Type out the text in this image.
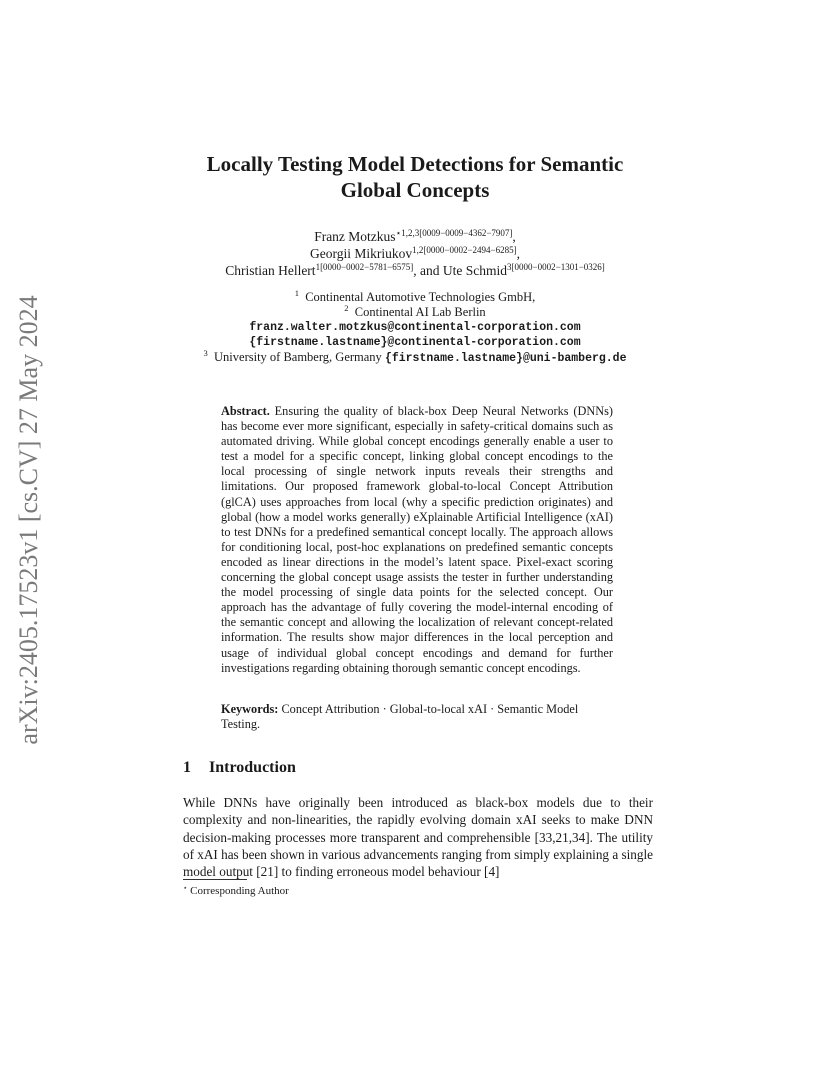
arXiv:2405.17523v1 [cs.CV] 27 May 2024
Locally Testing Model Detections for Semantic
Global Concepts
Franz Motzkus$^{⋆1,2,3[0009-0009-4362-7907]}$,
Georgii Mikriukov$^{1,2[0000-0002-2494-6285]}$,
Christian Hellert$^{1[0000-0002-5781-6575]}$, and Ute Schmid$^{3[0000-0002-1301-0326]}$
$^1$ Continental Automotive Technologies GmbH,
$^2$ Continental AI Lab Berlin
franz.walter.motzkus@continental-corporation.com
{firstname.lastname}@continental-corporation.com
$^3$ University of Bamberg, Germany {firstname.lastname}@uni-bamberg.de
Abstract. Ensuring the quality of black-box Deep Neural Networks (DNNs) has become ever more significant, especially in safety-critical domains such as automated driving. While global concept encodings generally enable a user to test a model for a specific concept, linking global concept encodings to the local processing of single network inputs reveals their strengths and limitations. Our proposed framework global-to-local Concept Attribution (glCA) uses approaches from local (why a specific prediction originates) and global (how a model works generally) eXplainable Artificial Intelligence (xAI) to test DNNs for a predefined semantical concept locally. The approach allows for conditioning local, post-hoc explanations on predefined semantic concepts encoded as linear directions in the model’s latent space. Pixel-exact scoring concerning the global concept usage assists the tester in further understanding the model processing of single data points for the selected concept. Our approach has the advantage of fully covering the model-internal encoding of the semantic concept and allowing the localization of relevant concept-related information. The results show major differences in the local perception and usage of individual global concept encodings and demand for further investigations regarding obtaining thorough semantic concept encodings.
Keywords: Concept Attribution · Global-to-local xAI · Semantic Model Testing.
1 Introduction
While DNNs have originally been introduced as black-box models due to their complexity and non-linearities, the rapidly evolving domain xAI seeks to make DNN decision-making processes more transparent and comprehensible [33,21,34]. The utility of xAI has been shown in various advancements ranging from simply explaining a single model output [21] to finding erroneous model behaviour [4]
⋆ Corresponding Author
